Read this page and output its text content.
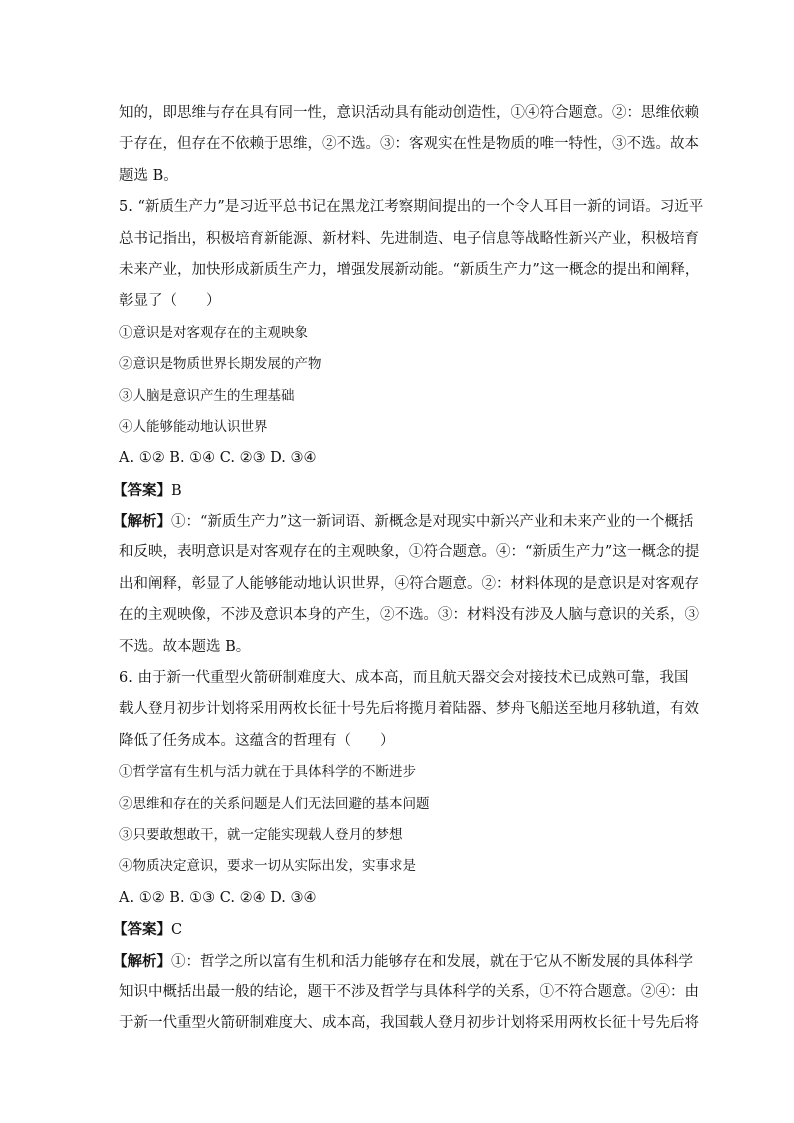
知的，即思维与存在具有同一性，意识活动具有能动创造性，①④符合题意。②：思维依赖
于存在，但存在不依赖于思维，②不选。③：客观实在性是物质的唯一特性，③不选。故本
题选 B。
5. “新质生产力”是习近平总书记在黑龙江考察期间提出的一个令人耳目一新的词语。习近平
总书记指出，积极培育新能源、新材料、先进制造、电子信息等战略性新兴产业，积极培育
未来产业，加快形成新质生产力，增强发展新动能。“新质生产力”这一概念的提出和阐释，
彰显了（　　）
①意识是对客观存在的主观映象
②意识是物质世界长期发展的产物
③人脑是意识产生的生理基础
④人能够能动地认识世界
A. ①② B. ①④ C. ②③ D. ③④
【答案】B
【解析】①：“新质生产力”这一新词语、新概念是对现实中新兴产业和未来产业的一个概括
和反映，表明意识是对客观存在的主观映象，①符合题意。④：“新质生产力”这一概念的提
出和阐释，彰显了人能够能动地认识世界，④符合题意。②：材料体现的是意识是对客观存
在的主观映像，不涉及意识本身的产生，②不选。③：材料没有涉及人脑与意识的关系，③
不选。故本题选 B。
6. 由于新一代重型火箭研制难度大、成本高，而且航天器交会对接技术已成熟可靠，我国
载人登月初步计划将采用两枚长征十号先后将揽月着陆器、梦舟飞船送至地月移轨道，有效
降低了任务成本。这蕴含的哲理有（　　）
①哲学富有生机与活力就在于具体科学的不断进步
②思维和存在的关系问题是人们无法回避的基本问题
③只要敢想敢干，就一定能实现载人登月的梦想
④物质决定意识，要求一切从实际出发，实事求是
A. ①② B. ①③ C. ②④ D. ③④
【答案】C
【解析】①：哲学之所以富有生机和活力能够存在和发展，就在于它从不断发展的具体科学
知识中概括出最一般的结论，题干不涉及哲学与具体科学的关系，①不符合题意。②④：由
于新一代重型火箭研制难度大、成本高，我国载人登月初步计划将采用两枚长征十号先后将
